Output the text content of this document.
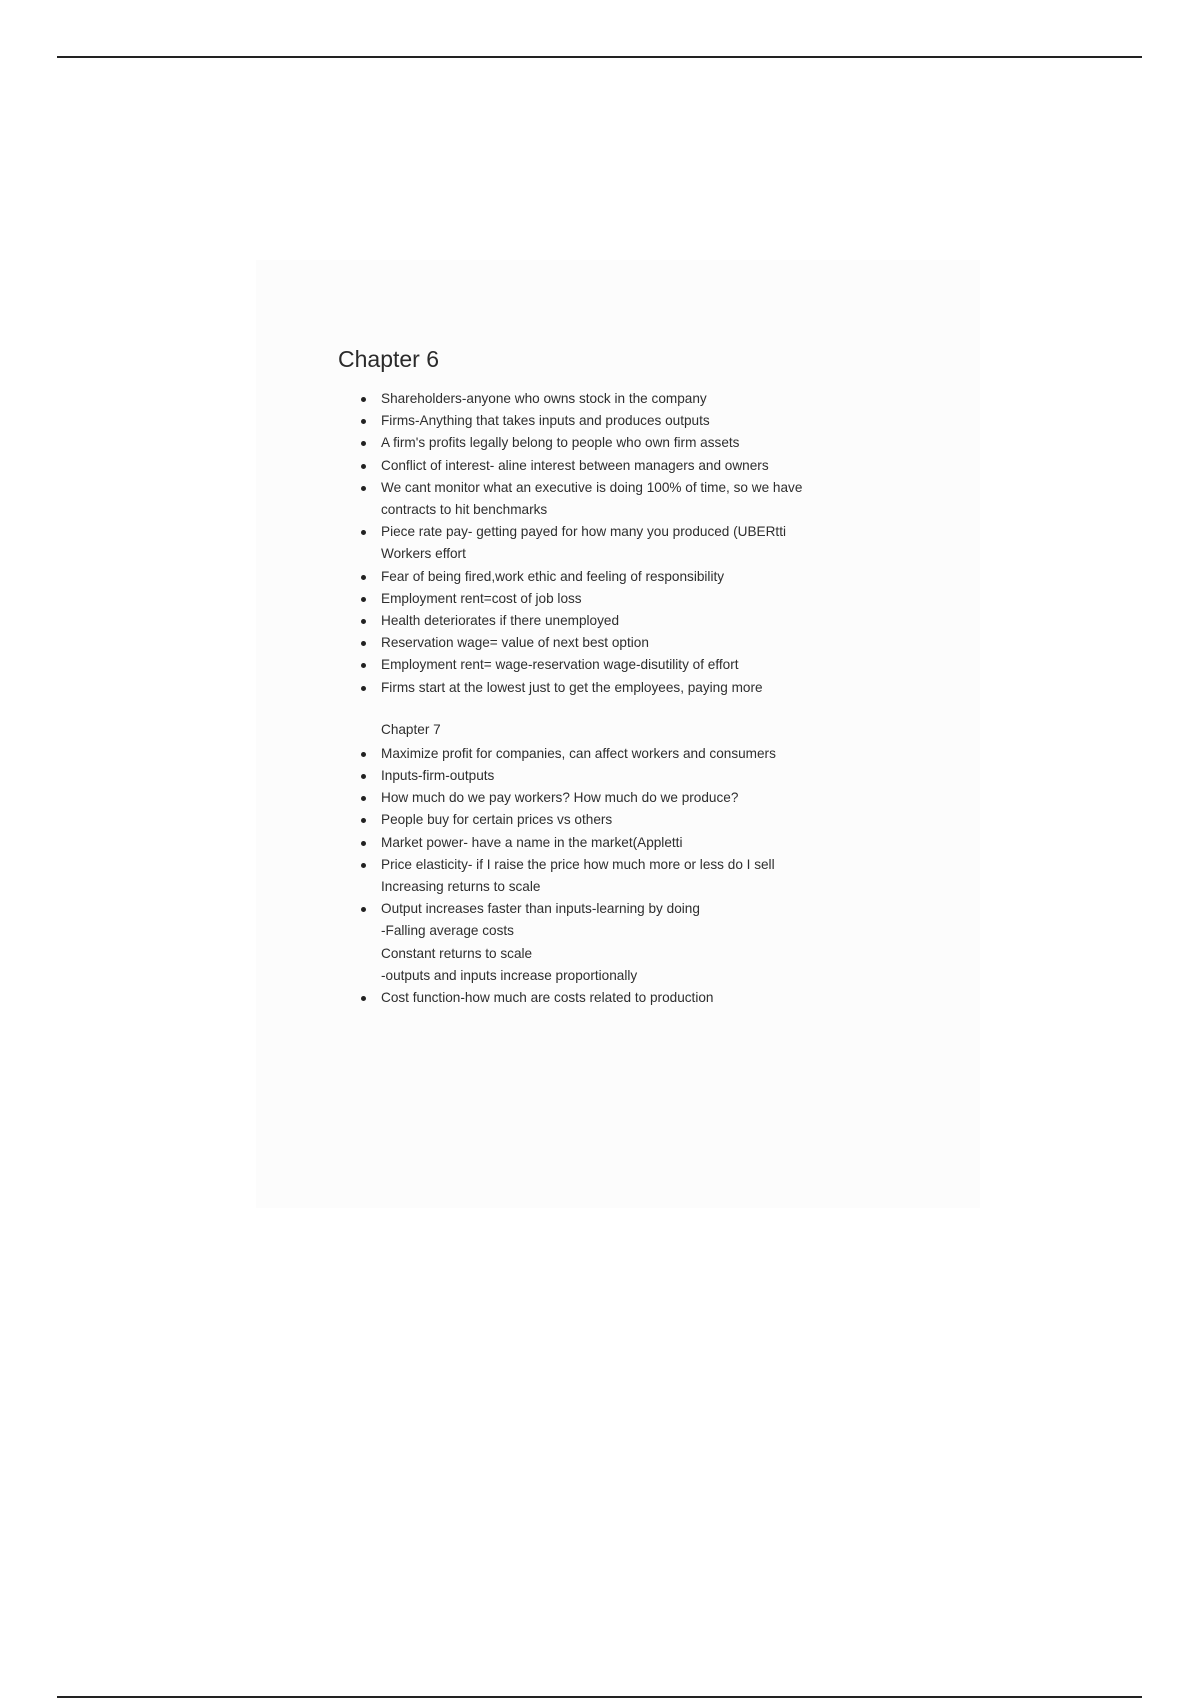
Chapter 6
Shareholders-anyone who owns stock in the company
Firms-Anything that takes inputs and produces outputs
A firm's profits legally belong to people who own firm assets
Conflict of interest- aline interest between managers and owners
We cant monitor what an executive is doing 100% of time, so we have
contracts to hit benchmarks
Piece rate pay- getting payed for how many you produced (UBERtti
Workers effort
Fear of being fired,work ethic and feeling of responsibility
Employment rent=cost of job loss
Health deteriorates if there unemployed
Reservation wage= value of next best option
Employment rent= wage-reservation wage-disutility of effort
Firms start at the lowest just to get the employees, paying more
Chapter 7
Maximize profit for companies, can affect workers and consumers
Inputs-firm-outputs
How much do we pay workers? How much do we produce?
People buy for certain prices vs others
Market power- have a name in the market(Appletti
Price elasticity- if I raise the price how much more or less do I sell
Increasing returns to scale
Output increases faster than inputs-learning by doing
-Falling average costs
Constant returns to scale
-outputs and inputs increase proportionally
Cost function-how much are costs related to production
